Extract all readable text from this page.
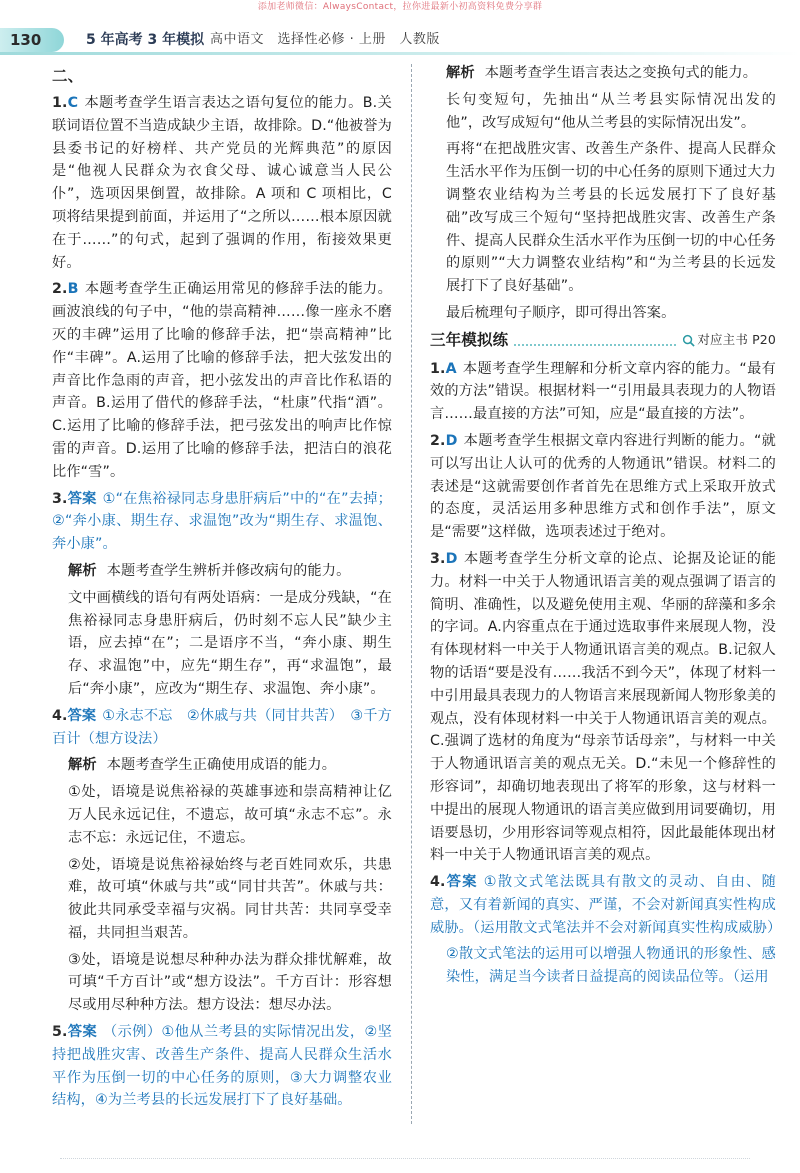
添加老师微信：AlwaysContact，拉你进最新小初高资料免费分享群
130	5 年高考 3 年模拟 高中语文　选择性必修 · 上册　人教版
二、
1.C 本题考查学生语言表达之语句复位的能力。B.关联词语位置不当造成缺少主语，故排除。D.“他被誉为县委书记的好榜样、共产党员的光辉典范”的原因是“他视人民群众为衣食父母、诚心诚意当人民公仆”，选项因果倒置，故排除。A 项和 C 项相比，C 项将结果提到前面，并运用了“之所以……根本原因就在于……”的句式，起到了强调的作用，衔接效果更好。
2.B 本题考查学生正确运用常见的修辞手法的能力。画波浪线的句子中，“他的崇高精神……像一座永不磨灭的丰碑”运用了比喻的修辞手法，把“崇高精神”比作“丰碑”。A.运用了比喻的修辞手法，把大弦发出的声音比作急雨的声音，把小弦发出的声音比作私语的声音。B.运用了借代的修辞手法，“杜康”代指“酒”。C.运用了比喻的修辞手法，把弓弦发出的响声比作惊雷的声音。D.运用了比喻的修辞手法，把洁白的浪花比作“雪”。
3.答案 ①“在焦裕禄同志身患肝病后”中的“在”去掉；②“奔小康、期生存、求温饱”改为“期生存、求温饱、奔小康”。
解析 本题考查学生辨析并修改病句的能力。
文中画横线的语句有两处语病：一是成分残缺，“在焦裕禄同志身患肝病后，仍时刻不忘人民”缺少主语，应去掉“在”；二是语序不当，“奔小康、期生存、求温饱”中，应先“期生存”，再“求温饱”，最后“奔小康”，应改为“期生存、求温饱、奔小康”。
4.答案 ①永志不忘　②休戚与共（同甘共苦）　③千方百计（想方设法）
解析 本题考查学生正确使用成语的能力。
①处，语境是说焦裕禄的英雄事迹和崇高精神让亿万人民永远记住，不遗忘，故可填“永志不忘”。永志不忘：永远记住，不遗忘。
②处，语境是说焦裕禄始终与老百姓同欢乐，共患难，故可填“休戚与共”或“同甘共苦”。休戚与共：彼此共同承受幸福与灾祸。同甘共苦：共同享受幸福，共同担当艰苦。
③处，语境是说想尽种种办法为群众排忧解难，故可填“千方百计”或“想方设法”。千方百计：形容想尽或用尽种种方法。想方设法：想尽办法。
5.答案 （示例）①他从兰考县的实际情况出发，②坚持把战胜灾害、改善生产条件、提高人民群众生活水平作为压倒一切的中心任务的原则，③大力调整农业结构，④为兰考县的长远发展打下了良好基础。
解析 本题考查学生语言表达之变换句式的能力。
长句变短句，先抽出“从兰考县实际情况出发的他”，改写成短句“他从兰考县的实际情况出发”。
再将“在把战胜灾害、改善生产条件、提高人民群众生活水平作为压倒一切的中心任务的原则下通过大力调整农业结构为兰考县的长远发展打下了良好基础”改写成三个短句“坚持把战胜灾害、改善生产条件、提高人民群众生活水平作为压倒一切的中心任务的原则”“大力调整农业结构”和“为兰考县的长远发展打下了良好基础”。
最后梳理句子顺序，即可得出答案。
三年模拟练	对应主书 P20
1.A 本题考查学生理解和分析文章内容的能力。“最有效的方法”错误。根据材料一“引用最具表现力的人物语言……最直接的方法”可知，应是“最直接的方法”。
2.D 本题考查学生根据文章内容进行判断的能力。“就可以写出让人认可的优秀的人物通讯”错误。材料二的表述是“这就需要创作者首先在思维方式上采取开放式的态度，灵活运用多种思维方式和创作手法”，原文是“需要”这样做，选项表述过于绝对。
3.D 本题考查学生分析文章的论点、论据及论证的能力。材料一中关于人物通讯语言美的观点强调了语言的简明、准确性，以及避免使用主观、华丽的辞藻和多余的字词。A.内容重点在于通过选取事件来展现人物，没有体现材料一中关于人物通讯语言美的观点。B.记叙人物的话语“要是没有……我活不到今天”，体现了材料一中引用最具表现力的人物语言来展现新闻人物形象美的观点，没有体现材料一中关于人物通讯语言美的观点。C.强调了选材的角度为“母亲节话母亲”，与材料一中关于人物通讯语言美的观点无关。D.“未见一个修辞性的形容词”，却确切地表现出了将军的形象，这与材料一中提出的展现人物通讯的语言美应做到用词要确切，用语要恳切，少用形容词等观点相符，因此最能体现出材料一中关于人物通讯语言美的观点。
4.答案 ①散文式笔法既具有散文的灵动、自由、随意，又有着新闻的真实、严谨，不会对新闻真实性构成威胁。（运用散文式笔法并不会对新闻真实性构成威胁）
②散文式笔法的运用可以增强人物通讯的形象性、感染性，满足当今读者日益提高的阅读品位等。（运用
